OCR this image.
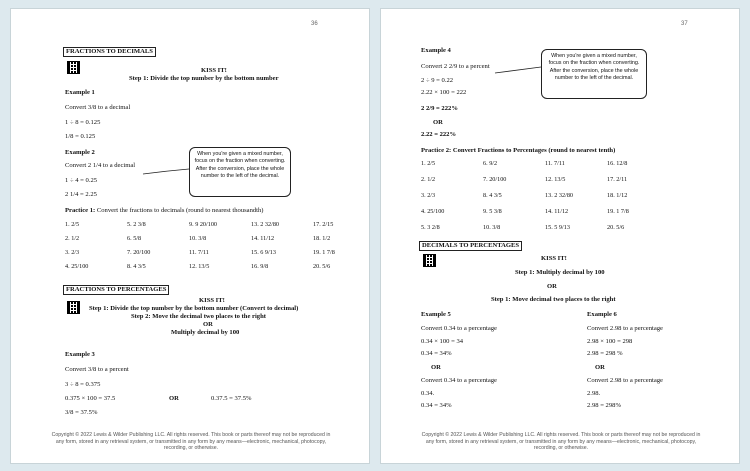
36
FRACTIONS TO DECIMALS
KISS IT!
Step 1: Divide the top number by the bottom number
Example 1
Convert 3/8 to a decimal
1 ÷ 8 = 0.125
1/8 = 0.125
Example 2
Convert 2 1/4 to a decimal
1 ÷ 4 = 0.25
2 1/4 = 2.25
When you're given a mixed number, focus on the fraction when converting. After the conversion, place the whole number to the left of the decimal.
Practice 1: Convert the fractions to decimals (round to nearest thousandth)
1. 2/5	5. 2 3/8	9. 9 20/100	13. 2 32/80	17. 2/15
2. 1/2	6. 5/8	10. 3/8	14. 11/12	18. 1/2
3. 2/3	7. 20/100	11. 7/11	15. 6 9/13	19. 1 7/8
4. 25/100	8. 4 3/5	12. 13/5	16. 9/8	20. 5/6
FRACTIONS TO PERCENTAGES
KISS IT!
Step 1: Divide the top number by the bottom number (Convert to decimal)
Step 2: Move the decimal two places to the right
OR
Multiply decimal by 100
Example 3
Convert 3/8 to a percent
3 ÷ 8 = 0.375
0.375 × 100 = 37.5	OR	0.37.5 = 37.5%
3/8 = 37.5%
Copyright © 2022 Lewis & Wilder Publishing LLC. All rights reserved. This book or parts thereof may not be reproduced in any form, stored in any retrieval system, or transmitted in any form by any means—electronic, mechanical, photocopy, recording, or otherwise.
37
Example 4
Convert 2 2/9 to a percent
2 ÷ 9 = 0.22
2.22 × 100 = 222
2 2/9 = 222%
OR
2.22 = 222%
When you're given a mixed number, focus on the fraction when converting. After the conversion, place the whole number to the left of the decimal.
Practice 2: Convert Fractions to Percentages (round to nearest tenth)
1. 2/5	6. 9/2	11. 7/11	16. 12/8
2. 1/2	7. 20/100	12. 13/5	17. 2/11
3. 2/3	8. 4 3/5	13. 2 32/80	18. 1/12
4. 25/100	9. 5 3/8	14. 11/12	19. 1 7/8
5. 3 2/8	10. 3/8	15. 5 9/13	20. 5/6
DECIMALS TO PERCENTAGES
KISS IT!
Step 1: Multiply decimal by 100
OR
Step 1: Move decimal two places to the right
Example 5
Convert 0.34 to a percentage
0.34 × 100 = 34
0.34 = 34%
OR
Convert 0.34 to a percentage
0.34.
0.34 = 34%
Example 6
Convert 2.98 to a percentage
2.98 × 100 = 298
2.98 = 298 %
OR
Convert 2.98 to a percentage
2.98.
2.98 = 298%
Copyright © 2022 Lewis & Wilder Publishing LLC. All rights reserved. This book or parts thereof may not be reproduced in any form, stored in any retrieval system, or transmitted in any form by any means—electronic, mechanical, photocopy, recording, or otherwise.
